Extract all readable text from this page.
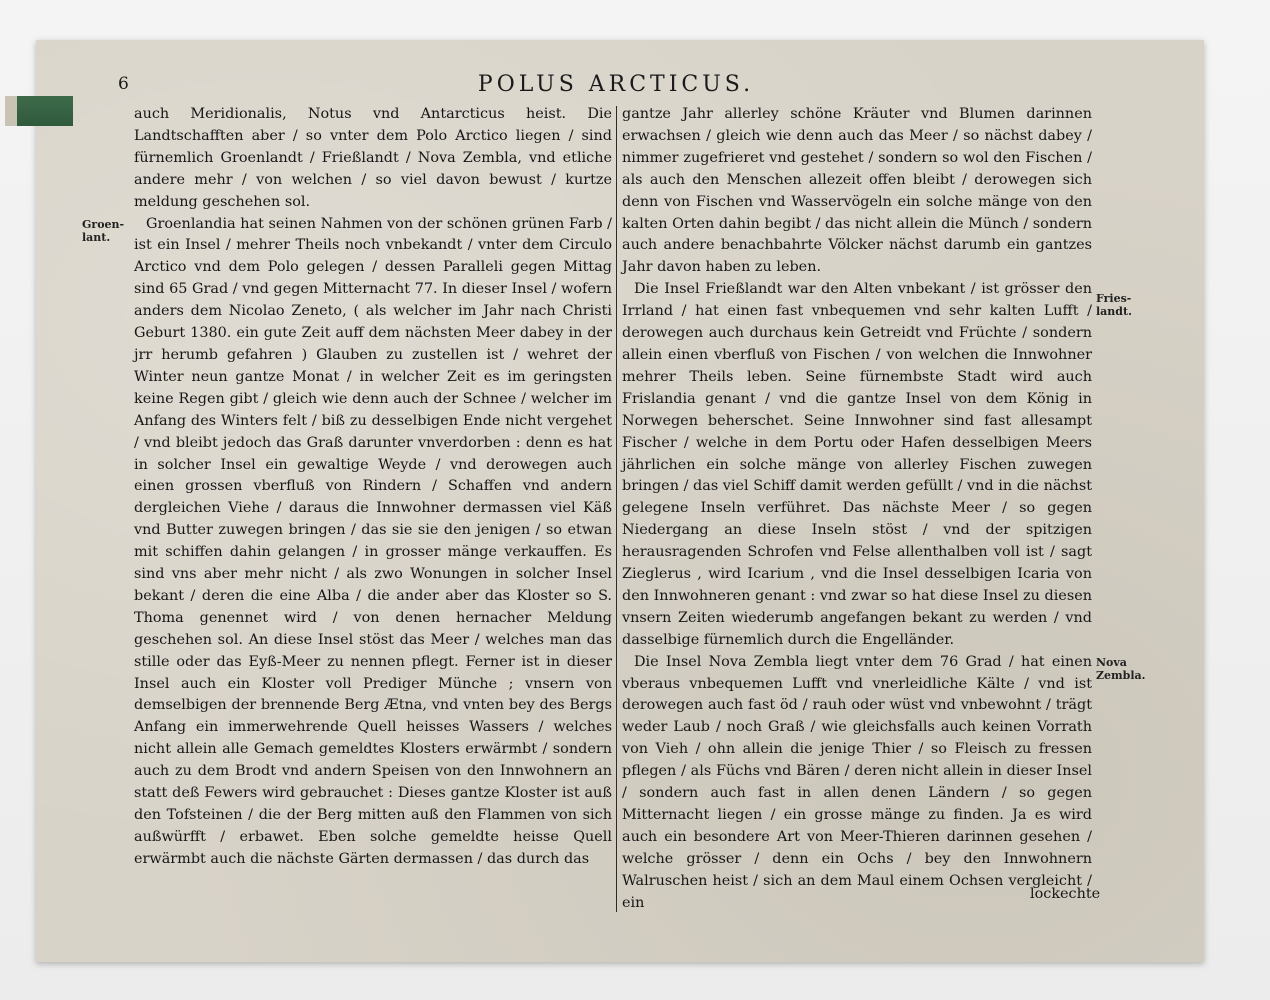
6	POLUS ARCTICUS.
Groen-lant.
Fries-landt.
Nova Zembla.

auch Meridionalis, Notus vnd Antarcticus heist. Die Landtschafften aber / so vnter dem Polo Arctico liegen / sind fürnemlich Groenlandt / Frießlandt / Nova Zembla, vnd etliche andere mehr / von welchen / so viel davon bewust / kurtze meldung geschehen sol.

Groenlandia hat seinen Nahmen von der schönen grünen Farb / ist ein Insel / mehrer Theils noch vnbekandt / vnter dem Circulo Arctico vnd dem Polo gelegen / dessen Paralleli gegen Mittag sind 65 Grad / vnd gegen Mitternacht 77. In dieser Insel / wofern anders dem Nicolao Zeneto, ( als welcher im Jahr nach Christi Geburt 1380. ein gute Zeit auff dem nächsten Meer dabey in der jrr herumb gefahren ) Glauben zu zustellen ist / wehret der Winter neun gantze Monat / in welcher Zeit es im geringsten keine Regen gibt / gleich wie denn auch der Schnee / welcher im Anfang des Winters felt / biß zu desselbigen Ende nicht vergehet / vnd bleibt jedoch das Graß darunter vnverdorben : denn es hat in solcher Insel ein gewaltige Weyde / vnd derowegen auch einen grossen vberfluß von Rindern / Schaffen vnd andern dergleichen Viehe / daraus die Innwohner dermassen viel Käß vnd Butter zuwegen bringen / das sie sie den jenigen / so etwan mit schiffen dahin gelangen / in grosser mänge verkauffen. Es sind vns aber mehr nicht / als zwo Wonungen in solcher Insel bekant / deren die eine Alba / die ander aber das Kloster so S. Thoma genennet wird / von denen hernacher Meldung geschehen sol. An diese Insel stöst das Meer / welches man das stille oder das Eyß-Meer zu nennen pflegt. Ferner ist in dieser Insel auch ein Kloster voll Prediger Münche ; vnsern von demselbigen der brennende Berg Ætna, vnd vnten bey des Bergs Anfang ein immerwehrende Quell heisses Wassers / welches nicht allein alle Gemach gemeldtes Klosters erwärmbt / sondern auch zu dem Brodt vnd andern Speisen von den Innwohnern an statt deß Fewers wird gebrauchet : Dieses gantze Kloster ist auß den Tofsteinen / die der Berg mitten auß den Flammen von sich außwürfft / erbawet. Eben solche gemeldte heisse Quell erwärmbt auch die nächste Gärten dermassen / das durch das

gantze Jahr allerley schöne Kräuter vnd Blumen darinnen erwachsen / gleich wie denn auch das Meer / so nächst dabey / nimmer zugefrieret vnd gestehet / sondern so wol den Fischen / als auch den Menschen allezeit offen bleibt / derowegen sich denn von Fischen vnd Wasservögeln ein solche mänge von den kalten Orten dahin begibt / das nicht allein die Münch / sondern auch andere benachbahrte Völcker nächst darumb ein gantzes Jahr davon haben zu leben.

Die Insel Frießlandt war den Alten vnbekant / ist grösser den Irrland / hat einen fast vnbequemen vnd sehr kalten Lufft / derowegen auch durchaus kein Getreidt vnd Früchte / sondern allein einen vberfluß von Fischen / von welchen die Innwohner mehrer Theils leben. Seine fürnembste Stadt wird auch Frislandia genant / vnd die gantze Insel von dem König in Norwegen beherschet. Seine Innwohner sind fast allesampt Fischer / welche in dem Portu oder Hafen desselbigen Meers jährlichen ein solche mänge von allerley Fischen zuwegen bringen / das viel Schiff damit werden gefüllt / vnd in die nächst gelegene Inseln verführet. Das nächste Meer / so gegen Niedergang an diese Inseln stöst / vnd der spitzigen herausragenden Schrofen vnd Felse allenthalben voll ist / sagt Zieglerus , wird Icarium , vnd die Insel desselbigen Icaria von den Innwohneren genant : vnd zwar so hat diese Insel zu diesen vnsern Zeiten wiederumb angefangen bekant zu werden / vnd dasselbige fürnemlich durch die Engelländer.

Die Insel Nova Zembla liegt vnter dem 76 Grad / hat einen vberaus vnbequemen Lufft vnd vnerleidliche Kälte / vnd ist derowegen auch fast öd / rauh oder wüst vnd vnbewohnt / trägt weder Laub / noch Graß / wie gleichsfalls auch keinen Vorrath von Vieh / ohn allein die jenige Thier / so Fleisch zu fressen pflegen / als Füchs vnd Bären / deren nicht allein in dieser Insel / sondern auch fast in allen denen Ländern / so gegen Mitternacht liegen / ein grosse mänge zu finden. Ja es wird auch ein besondere Art von Meer-Thieren darinnen gesehen / welche grösser / denn ein Ochs / bey den Innwohnern Walruschen heist / sich an dem Maul einem Ochsen vergleicht / ein

lockechte
